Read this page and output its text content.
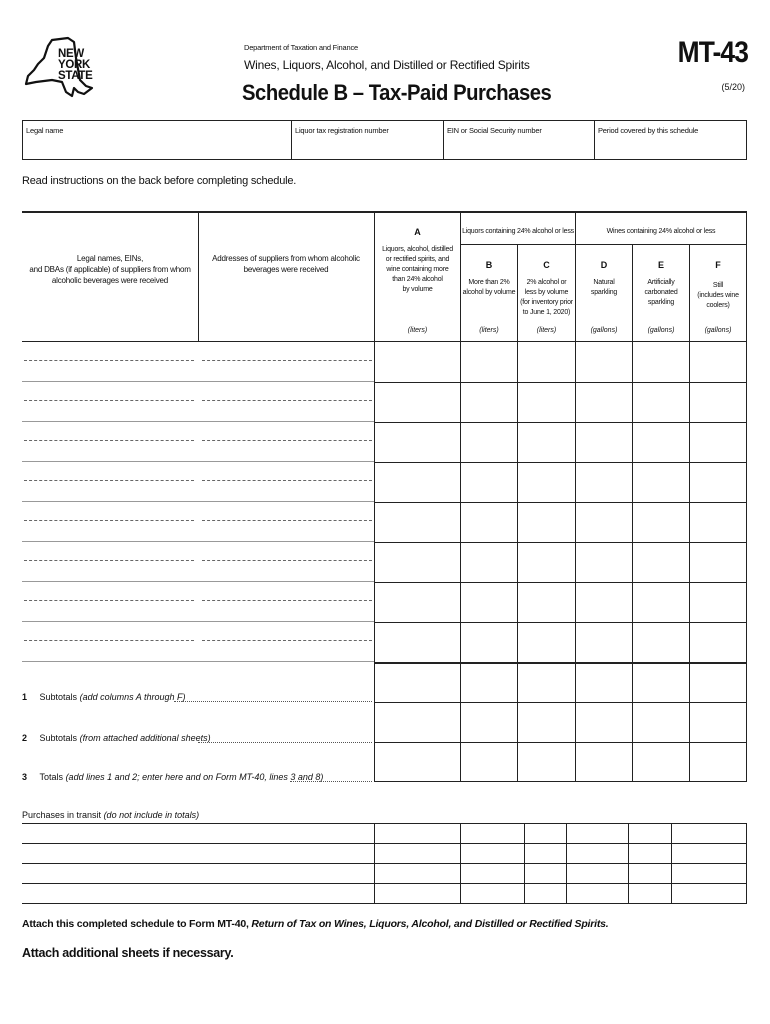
NEW
YORK
STATE
Department of Taxation and Finance
Wines, Liquors, Alcohol, and Distilled or Rectified Spirits
Schedule B – Tax-Paid Purchases
MT-43
(5/20)
Legal name	Liquor tax registration number	EIN or Social Security number	Period covered by this schedule
Read instructions on the back before completing schedule.
Legal names, EINs,
and DBAs (if applicable) of suppliers from whom
alcoholic beverages were received
Addresses of suppliers from whom alcoholic
beverages were received
Liquors containing 24% alcohol or less	Wines containing 24% alcohol or less
A
Liquors, alcohol, distilled
or rectified spirits, and
wine containing more
than 24% alcohol
by volume
(liters)
B
More than 2%
alcohol by volume
(liters)
C
2% alcohol or
less by volume
(for inventory prior
to June 1, 2020)
(liters)
D
Natural
sparkling
(gallons)
E
Artificially
carbonated
sparkling
(gallons)
F
Still
(includes wine
coolers)
(gallons)
1 Subtotals (add columns A through F)
2 Subtotals (from attached additional sheets)
3 Totals (add lines 1 and 2; enter here and on Form MT-40, lines 3 and 8)
Purchases in transit (do not include in totals)
Attach this completed schedule to Form MT-40, Return of Tax on Wines, Liquors, Alcohol, and Distilled or Rectified Spirits.
Attach additional sheets if necessary.
